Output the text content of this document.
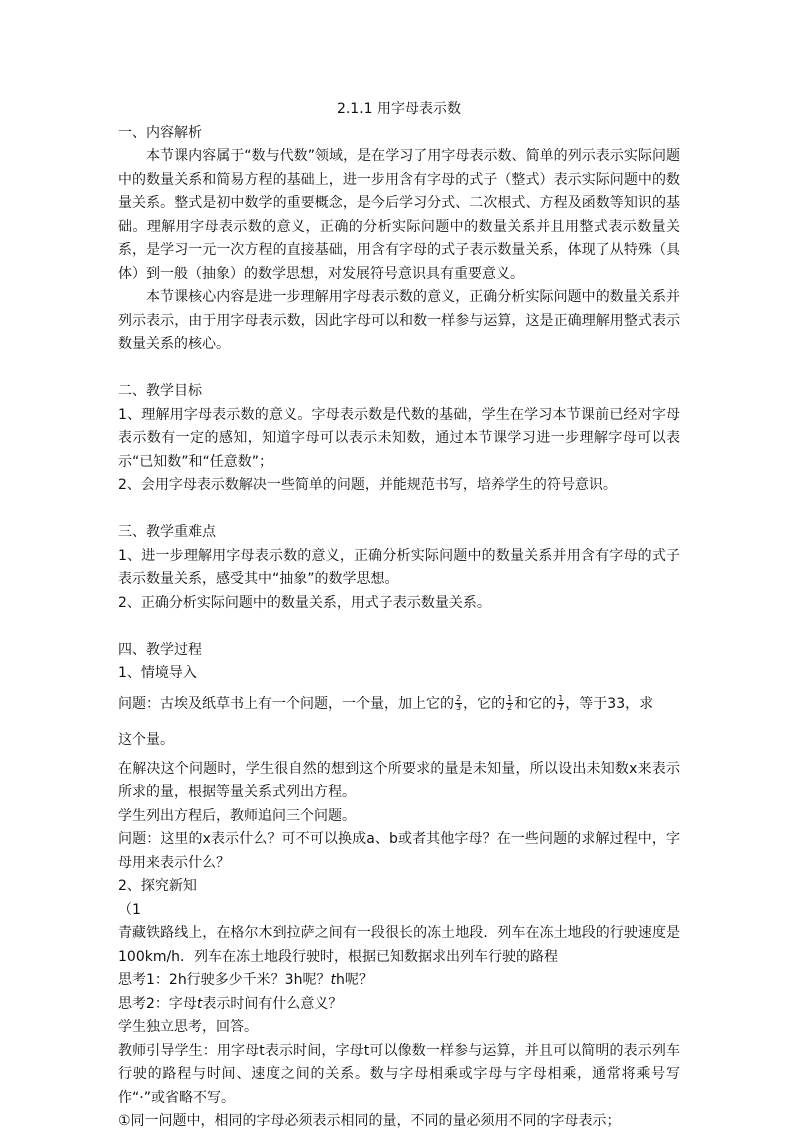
2.1.1 用字母表示数

一、内容解析

本节课内容属于“数与代数”领域，是在学习了用字母表示数、简单的列示表示实际问题中的数量关系和简易方程的基础上，进一步用含有字母的式子（整式）表示实际问题中的数量关系。整式是初中数学的重要概念，是今后学习分式、二次根式、方程及函数等知识的基础。理解用字母表示数的意义，正确的分析实际问题中的数量关系并且用整式表示数量关系，是学习一元一次方程的直接基础，用含有字母的式子表示数量关系，体现了从特殊（具体）到一般（抽象）的数学思想，对发展符号意识具有重要意义。

本节课核心内容是进一步理解用字母表示数的意义，正确分析实际问题中的数量关系并列示表示，由于用字母表示数，因此字母可以和数一样参与运算，这是正确理解用整式表示数量关系的核心。

二、教学目标

1、理解用字母表示数的意义。字母表示数是代数的基础，学生在学习本节课前已经对字母表示数有一定的感知，知道字母可以表示未知数，通过本节课学习进一步理解字母可以表示“已知数”和“任意数”；

2、会用字母表示数解决一些简单的问题，并能规范书写，培养学生的符号意识。

三、教学重难点

1、进一步理解用字母表示数的意义，正确分析实际问题中的数量关系并用含有字母的式子表示数量关系，感受其中“抽象”的数学思想。

2、正确分析实际问题中的数量关系，用式子表示数量关系。

四、教学过程

1、情境导入

问题：古埃及纸草书上有一个问题，一个量，加上它的 $\frac{2}{3}$ ，它的 $\frac{1}{2}$ 和它的 $\frac{1}{7}$ ，等于33，求

这个量。

在解决这个问题时，学生很自然的想到这个所要求的量是未知量，所以设出未知数x来表示所求的量，根据等量关系式列出方程。

学生列出方程后，教师追问三个问题。

问题：这里的x表示什么？可不可以换成a、b或者其他字母？在一些问题的求解过程中，字母用来表示什么？

2、探究新知

（1

青藏铁路线上，在格尔木到拉萨之间有一段很长的冻土地段．列车在冻土地段的行驶速度是100km/h．列车在冻土地段行驶时，根据已知数据求出列车行驶的路程

思考1：2h行驶多少千米？3h呢？th呢？

思考2：字母t表示时间有什么意义？

学生独立思考，回答。

教师引导学生：用字母t表示时间，字母t可以像数一样参与运算，并且可以简明的表示列车行驶的路程与时间、速度之间的关系。数与字母相乘或字母与字母相乘，通常将乘号写作“·”或省略不写。

①同一问题中，相同的字母必须表示相同的量，不同的量必须用不同的字母表示；
